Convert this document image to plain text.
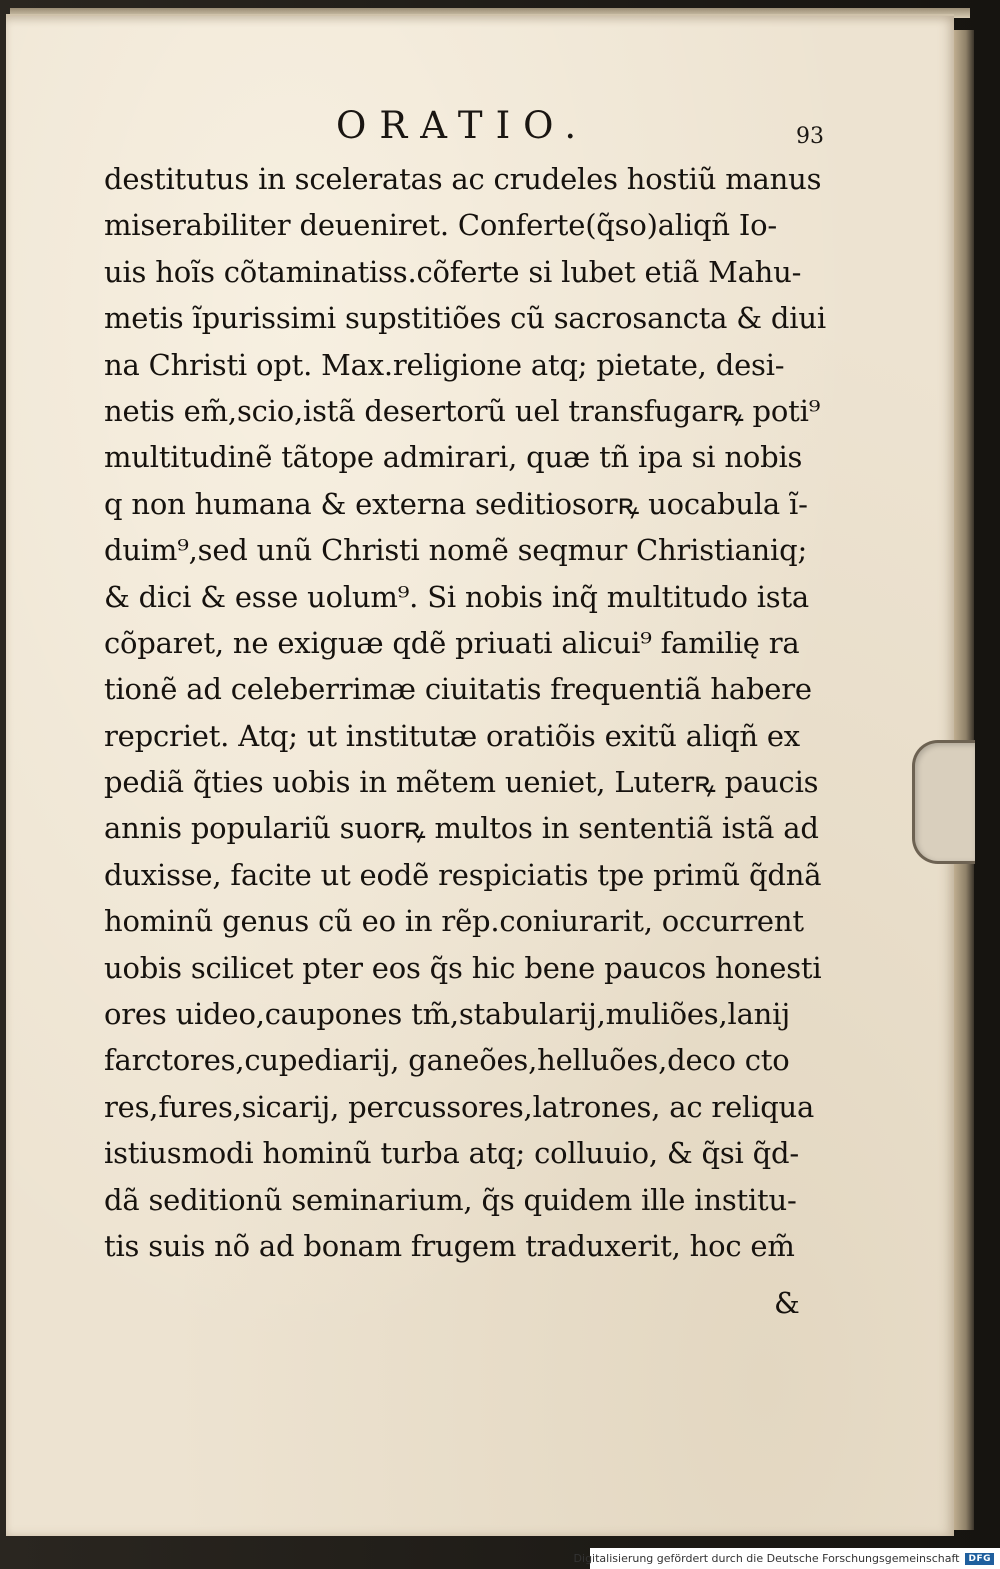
ORATIO.	93
destitutus in sceleratas ac crudeles hostiũ manus
miserabiliter deueniret. Conferte(q̃so)aliqñ Io-
uis hoĩs cõtaminatiss.cõferte si lubet etiã Mahu-
metis ĩpurissimi supstitiões cũ sacrosancta & diui
na Christi opt. Max.religione atq; pietate, desi-
netis em̃,scio,istã desertorũ uel transfugarꝶ poti⁹
multitudinẽ tãtope admirari, quæ tñ ipa si nobis
q non humana & externa seditiosorꝶ uocabula ĩ-
duim⁹,sed unũ Christi nomẽ seqmur Christianiq;
& dici & esse uolum⁹. Si nobis inq̃ multitudo ista
cõparet, ne exiguæ qdẽ priuati alicui⁹ familię ra
tionẽ ad celeberrimæ ciuitatis frequentiã habere
repcriet. Atq; ut institutæ oratiõis exitũ aliqñ ex
pediã q̃ties uobis in mẽtem ueniet, Luterꝶ paucis
annis populariũ suorꝶ multos in sententiã istã ad
duxisse, facite ut eodẽ respiciatis tpe primũ q̃dnã
hominũ genus cũ eo in rẽp.coniurarit, occurrent
uobis scilicet pter eos q̃s hic bene paucos honesti
ores uideo,caupones tm̃,stabularij,muliões,lanij
farctores,cupediarij, ganeões,helluões,deco cto
res,fures,sicarij, percussores,latrones, ac reliqua
istiusmodi hominũ turba atq; colluuio, & q̃si q̃d-
dã seditionũ seminarium, q̃s quidem ille institu-
tis suis nõ ad bonam frugem traduxerit, hoc em̃
&
Digitalisierung gefördert durch die Deutsche Forschungsgemeinschaft	DFG
